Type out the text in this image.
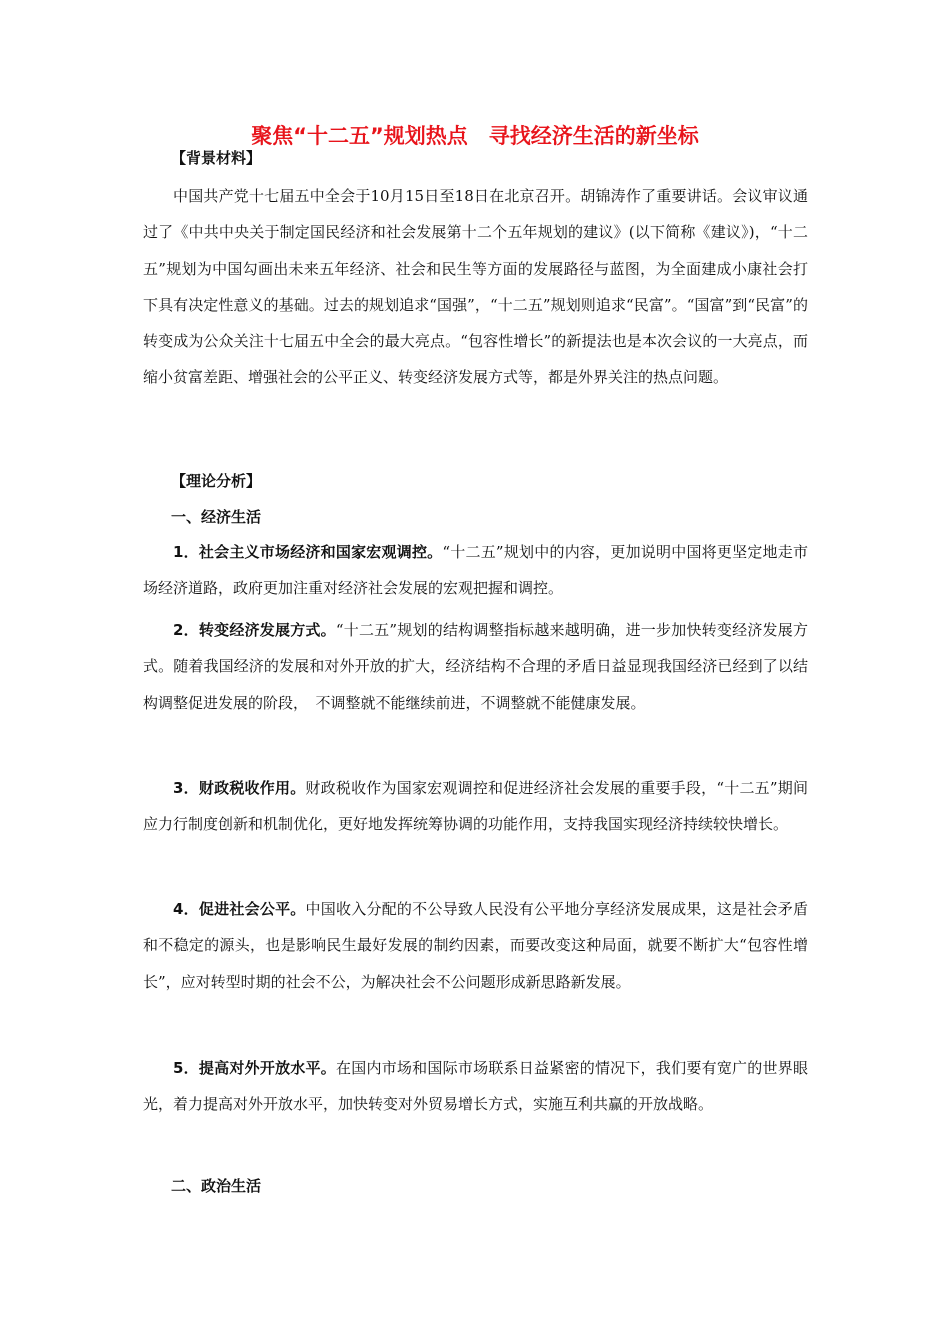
聚焦“十二五”规划热点　寻找经济生活的新坐标
【背景材料】

中国共产党十七届五中全会于10月15日至18日在北京召开。胡锦涛作了重要讲话。会议审议通过了《中共中央关于制定国民经济和社会发展第十二个五年规划的建议》(以下简称《建议》)，“十二五”规划为中国勾画出未来五年经济、社会和民生等方面的发展路径与蓝图，为全面建成小康社会打下具有决定性意义的基础。过去的规划追求“国强”，“十二五”规划则追求“民富”。“国富”到“民富”的转变成为公众关注十七届五中全会的最大亮点。“包容性增长”的新提法也是本次会议的一大亮点，而缩小贫富差距、增强社会的公平正义、转变经济发展方式等，都是外界关注的热点问题。

【理论分析】
一、经济生活

1．社会主义市场经济和国家宏观调控。“十二五”规划中的内容，更加说明中国将更坚定地走市场经济道路，政府更加注重对经济社会发展的宏观把握和调控。

2．转变经济发展方式。“十二五”规划的结构调整指标越来越明确，进一步加快转变经济发展方式。随着我国经济的发展和对外开放的扩大，经济结构不合理的矛盾日益显现我国经济已经到了以结构调整促进发展的阶段，　不调整就不能继续前进，不调整就不能健康发展。

3．财政税收作用。财政税收作为国家宏观调控和促进经济社会发展的重要手段，“十二五”期间应力行制度创新和机制优化，更好地发挥统筹协调的功能作用，支持我国实现经济持续较快增长。

4．促进社会公平。中国收入分配的不公导致人民没有公平地分享经济发展成果，这是社会矛盾和不稳定的源头，也是影响民生最好发展的制约因素，而要改变这种局面，就要不断扩大“包容性增长”，应对转型时期的社会不公，为解决社会不公问题形成新思路新发展。

5．提高对外开放水平。在国内市场和国际市场联系日益紧密的情况下，我们要有宽广的世界眼光，着力提高对外开放水平，加快转变对外贸易增长方式，实施互利共赢的开放战略。

二、政治生活
